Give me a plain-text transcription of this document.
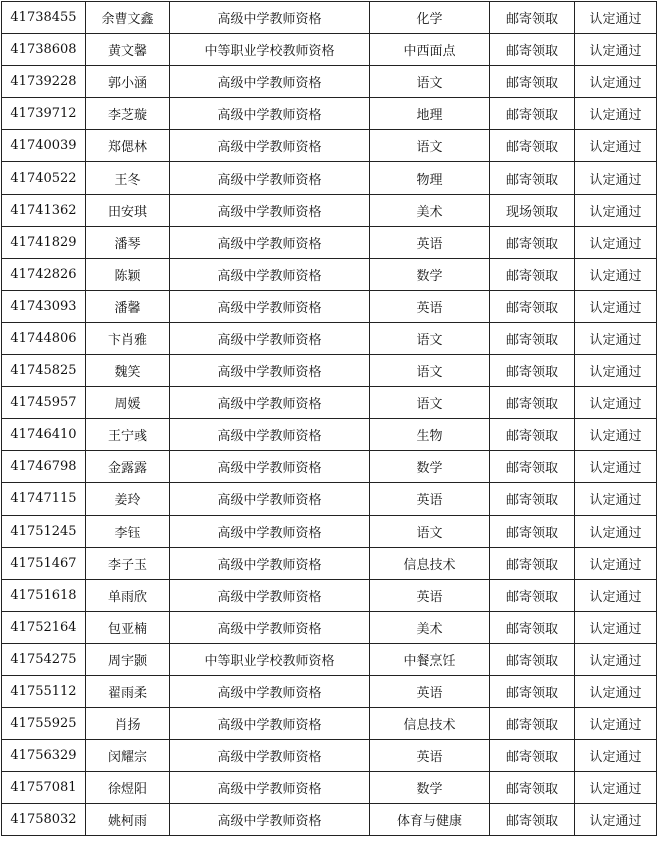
41738455	余曹文鑫	高级中学教师资格	化学	邮寄领取	认定通过
41738608	黄文馨	中等职业学校教师资格	中西面点	邮寄领取	认定通过
41739228	郭小涵	高级中学教师资格	语文	邮寄领取	认定通过
41739712	李芝璇	高级中学教师资格	地理	邮寄领取	认定通过
41740039	郑偲林	高级中学教师资格	语文	邮寄领取	认定通过
41740522	王冬	高级中学教师资格	物理	邮寄领取	认定通过
41741362	田安琪	高级中学教师资格	美术	现场领取	认定通过
41741829	潘琴	高级中学教师资格	英语	邮寄领取	认定通过
41742826	陈颖	高级中学教师资格	数学	邮寄领取	认定通过
41743093	潘馨	高级中学教师资格	英语	邮寄领取	认定通过
41744806	卞肖雅	高级中学教师资格	语文	邮寄领取	认定通过
41745825	魏笑	高级中学教师资格	语文	邮寄领取	认定通过
41745957	周媛	高级中学教师资格	语文	邮寄领取	认定通过
41746410	王宁彧	高级中学教师资格	生物	邮寄领取	认定通过
41746798	金露露	高级中学教师资格	数学	邮寄领取	认定通过
41747115	姜玲	高级中学教师资格	英语	邮寄领取	认定通过
41751245	李钰	高级中学教师资格	语文	邮寄领取	认定通过
41751467	李子玉	高级中学教师资格	信息技术	邮寄领取	认定通过
41751618	单雨欣	高级中学教师资格	英语	邮寄领取	认定通过
41752164	包亚楠	高级中学教师资格	美术	邮寄领取	认定通过
41754275	周宇颢	中等职业学校教师资格	中餐烹饪	邮寄领取	认定通过
41755112	翟雨柔	高级中学教师资格	英语	邮寄领取	认定通过
41755925	肖扬	高级中学教师资格	信息技术	邮寄领取	认定通过
41756329	闵耀宗	高级中学教师资格	英语	邮寄领取	认定通过
41757081	徐煜阳	高级中学教师资格	数学	邮寄领取	认定通过
41758032	姚柯雨	高级中学教师资格	体育与健康	邮寄领取	认定通过
